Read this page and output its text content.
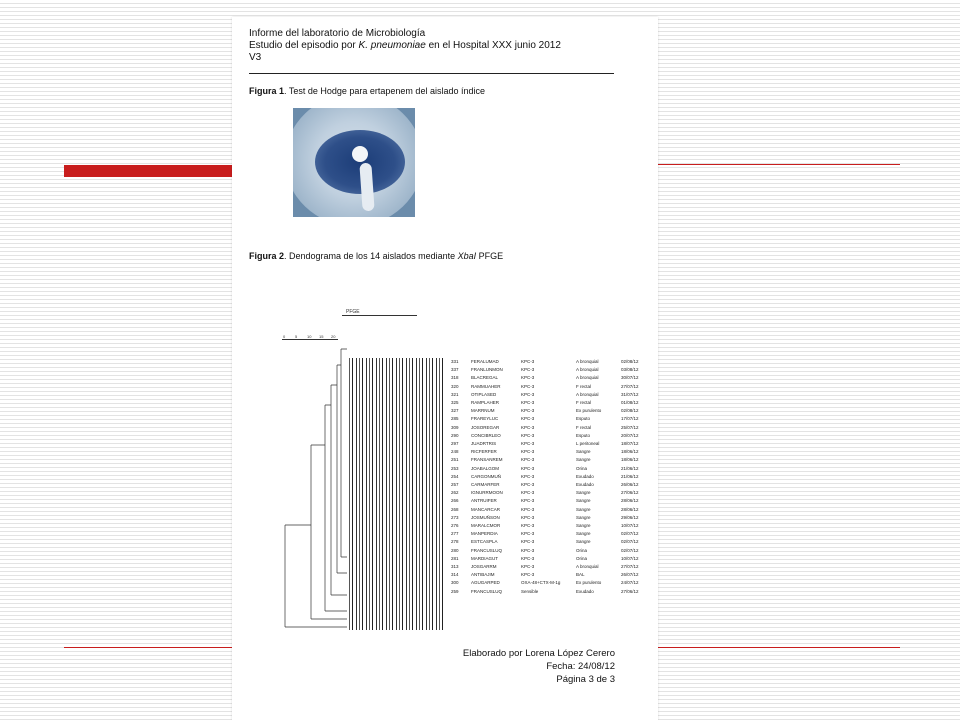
Informe del laboratorio de Microbiología
Estudio del episodio por K. pneumoniae en el Hospital XXX junio 2012
V3
Figura 1. Test de Hodge para ertapenem del aislado índice
Figura 2. Dendograma de los 14 aislados mediante XbaI PFGE
PFGE
0 5 10 15 20
331	FERALUMAD	KPC-3	A bronquial	02/08/12
337	FRANLUNMON	KPC-3	A bronquial	03/08/12
318	BLACREGAL	KPC-3	A bronquial	30/07/12
320	RAMMUAHER	KPC-3	F rectal	27/07/12
321	OTIPLASED	KPC-3	A bronquial	31/07/12
325	RAMPLAHER	KPC-3	F rectal	01/08/12
327	MARRNUM	KPC-3	Ex purulento	02/08/12
285	FRAREYLUC	KPC-3	Esputo	17/07/12
309	JOSOREGAR	KPC-3	F rectal	25/07/12
290	CONCIBRLEO	KPC-3	Esputo	20/07/12
297	JUADRTRIS	KPC-3	L peritoneal	18/07/12
248	RICFERFER	KPC-3	Sangre	18/06/12
251	FRANSANREM	KPC-3	Sangre	18/06/12
253	JOABALGOM	KPC-3	Orina	21/06/12
254	CARGONMUÑ	KPC-3	Exudado	21/06/12
257	CARMARFER	KPC-3	Exudado	26/06/12
262	IGNURRMOON	KPC-3	Sangre	27/06/12
266	ANTRUIFER	KPC-3	Sangre	28/06/12
268	MANCARCAR	KPC-3	Sangre	28/06/12
273	JOSMUÑSON	KPC-3	Sangre	29/06/12
276	MARALCMOR	KPC-3	Sangre	10/07/12
277	MANPERDIA	KPC-3	Sangre	02/07/12
278	ESTCASPLA	KPC-3	Sangre	02/07/12
280	FRANCUSLUQ	KPC-3	Orina	02/07/12
281	MARDIAGUT	KPC-3	Orina	10/07/12
313	JOSGARRM	KPC-3	A bronquial	27/07/12
314	ANTIBAJIM	KPC-3	BAL	26/07/12
300	AGUGARPED	OXA-48+CTX-M-1g	Ex purulento	24/07/12
259	FRANCUSLUQ	Sensible	Exudado	27/06/12
Elaborado por Lorena López Cerero
Fecha: 24/08/12
Página 3 de 3
